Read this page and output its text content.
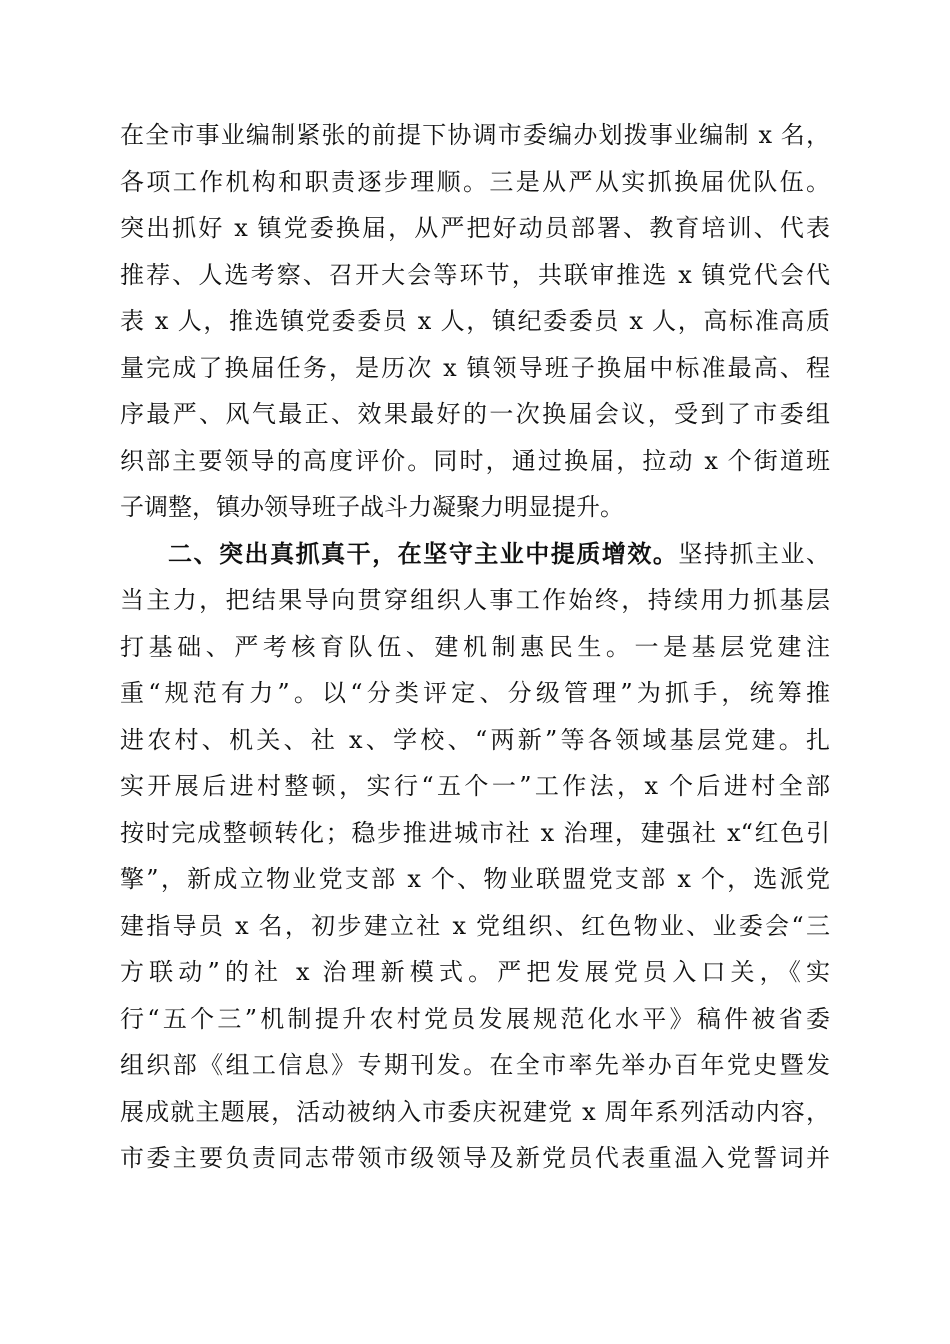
在全市事业编制紧张的前提下协调市委编办划拨事业编制 x 名，
各项工作机构和职责逐步理顺。三是从严从实抓换届优队伍。
突出抓好 x 镇党委换届，从严把好动员部署、教育培训、代表
推荐、人选考察、召开大会等环节，共联审推选 x 镇党代会代
表 x 人，推选镇党委委员 x 人，镇纪委委员 x 人，高标准高质
量完成了换届任务，是历次 x 镇领导班子换届中标准最高、程
序最严、风气最正、效果最好的一次换届会议，受到了市委组
织部主要领导的高度评价。同时，通过换届，拉动 x 个街道班
子调整，镇办领导班子战斗力凝聚力明显提升。
二、突出真抓真干，在坚守主业中提质增效。坚持抓主业、
当主力，把结果导向贯穿组织人事工作始终，持续用力抓基层
打基础、严考核育队伍、建机制惠民生。一是基层党建注
重“规范有力”。以“分类评定、分级管理”为抓手，统筹推
进农村、机关、社 x、学校、“两新”等各领域基层党建。扎
实开展后进村整顿，实行“五个一”工作法，x 个后进村全部
按时完成整顿转化；稳步推进城市社 x 治理，建强社 x“红色引
擎”，新成立物业党支部 x 个、物业联盟党支部 x 个，选派党
建指导员 x 名，初步建立社 x 党组织、红色物业、业委会“三
方联动”的社 x 治理新模式。严把发展党员入口关，《实
行“五个三”机制提升农村党员发展规范化水平》稿件被省委
组织部《组工信息》专期刊发。在全市率先举办百年党史暨发
展成就主题展，活动被纳入市委庆祝建党 x 周年系列活动内容，
市委主要负责同志带领市级领导及新党员代表重温入党誓词并
